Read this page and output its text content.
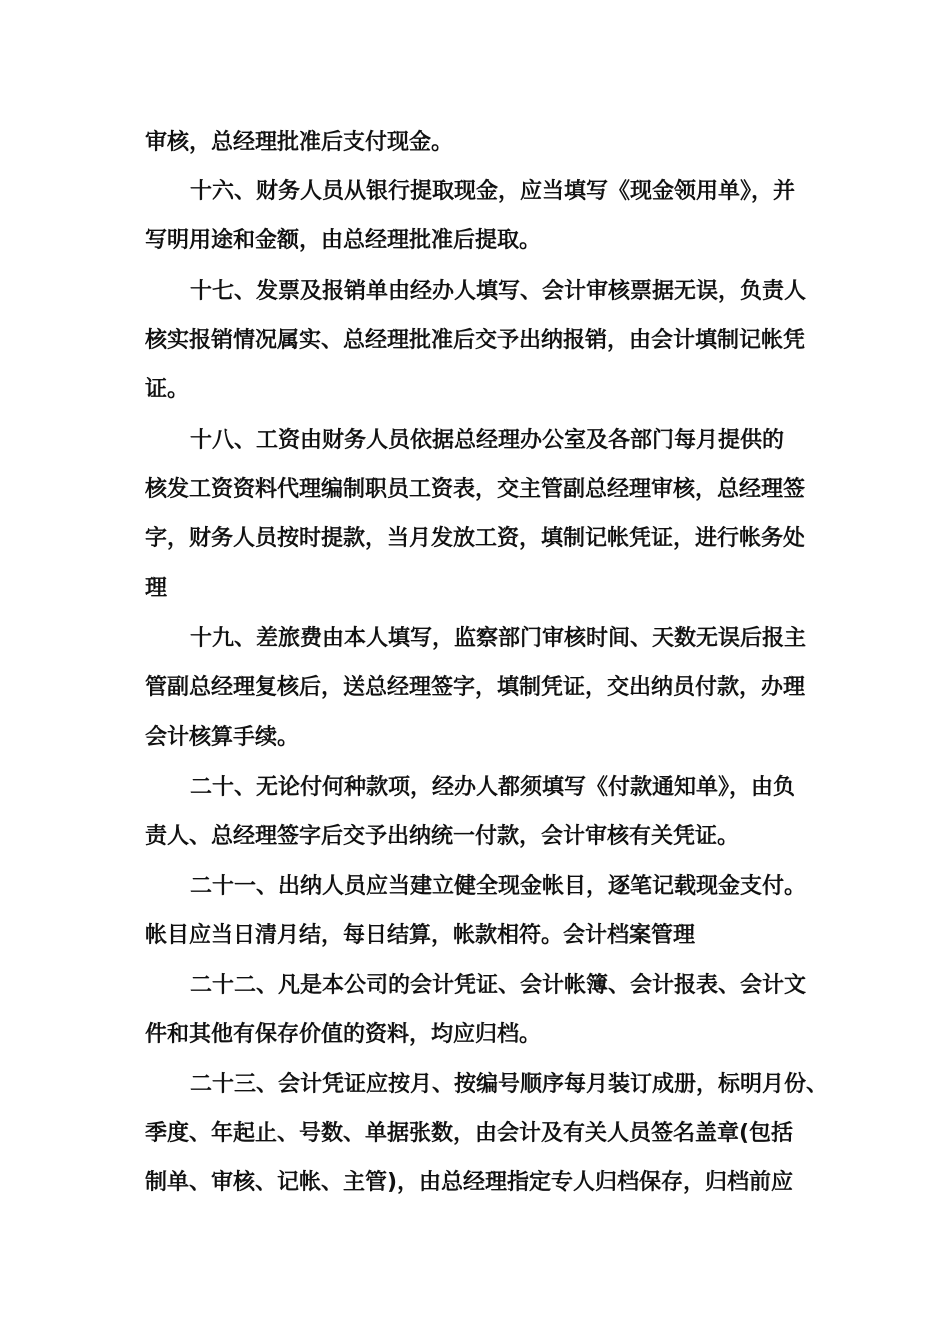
审核，总经理批准后支付现金。
十六、财务人员从银行提取现金，应当填写《现金领用单》，并
写明用途和金额，由总经理批准后提取。
十七、发票及报销单由经办人填写、会计审核票据无误，负责人
核实报销情况属实、总经理批准后交予出纳报销，由会计填制记帐凭
证。
十八、工资由财务人员依据总经理办公室及各部门每月提供的
核发工资资料代理编制职员工资表，交主管副总经理审核，总经理签
字，财务人员按时提款，当月发放工资，填制记帐凭证，进行帐务处
理
十九、差旅费由本人填写，监察部门审核时间、天数无误后报主
管副总经理复核后，送总经理签字，填制凭证，交出纳员付款，办理
会计核算手续。
二十、无论付何种款项，经办人都须填写《付款通知单》，由负
责人、总经理签字后交予出纳统一付款，会计审核有关凭证。
二十一、出纳人员应当建立健全现金帐目，逐笔记载现金支付。
帐目应当日清月结，每日结算，帐款相符。会计档案管理
二十二、凡是本公司的会计凭证、会计帐簿、会计报表、会计文
件和其他有保存价值的资料，均应归档。
二十三、会计凭证应按月、按编号顺序每月装订成册，标明月份、
季度、年起止、号数、单据张数，由会计及有关人员签名盖章(包括
制单、审核、记帐、主管)，由总经理指定专人归档保存，归档前应
